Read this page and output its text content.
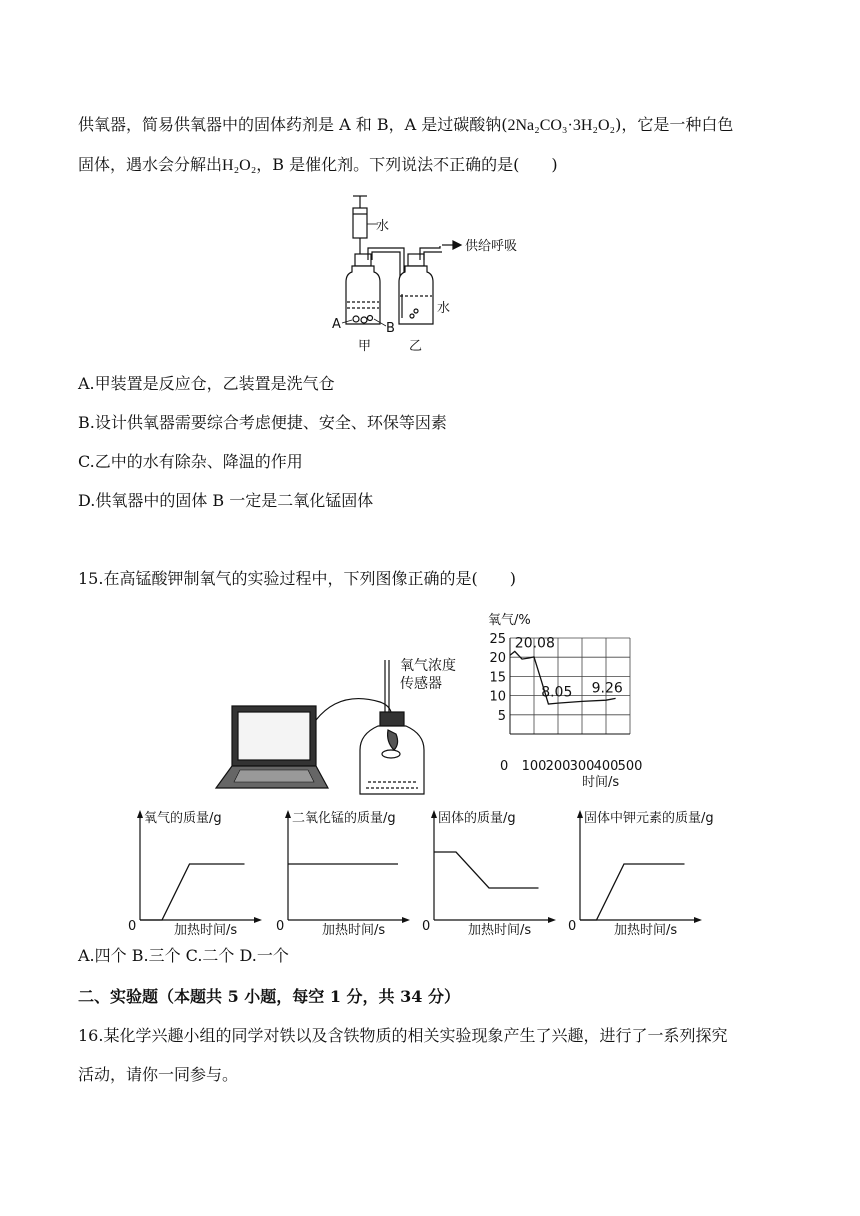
供氧器，简易供氧器中的固体药剂是 A 和 B，A 是过碳酸钠(2Na₂CO₃·3H₂O₂)，它是一种白色
固体，遇水会分解出H₂O₂，B 是催化剂。下列说法不正确的是(　　)
水
供给呼吸
水
A	B
甲	乙
A.甲装置是反应仓，乙装置是洗气仓
B.设计供氧器需要综合考虑便捷、安全、环保等因素
C.乙中的水有除杂、降温的作用
D.供氧器中的固体 B 一定是二氧化锰固体
15.在高锰酸钾制氧气的实验过程中，下列图像正确的是(　　)
氧气浓度
传感器
氧气/%
5
10
15
20
25
0 100 200 300 400 500
时间/s
20.08
8.05 9.26
氧气的质量/g
0	加热时间/s
二氧化锰的质量/g
0	加热时间/s
固体的质量/g
0	加热时间/s
固体中钾元素的质量/g
0	加热时间/s
A.四个 B.三个 C.二个 D.一个
二、实验题（本题共 5 小题，每空 1 分，共 34 分）
16.某化学兴趣小组的同学对铁以及含铁物质的相关实验现象产生了兴趣，进行了一系列探究
活动，请你一同参与。
